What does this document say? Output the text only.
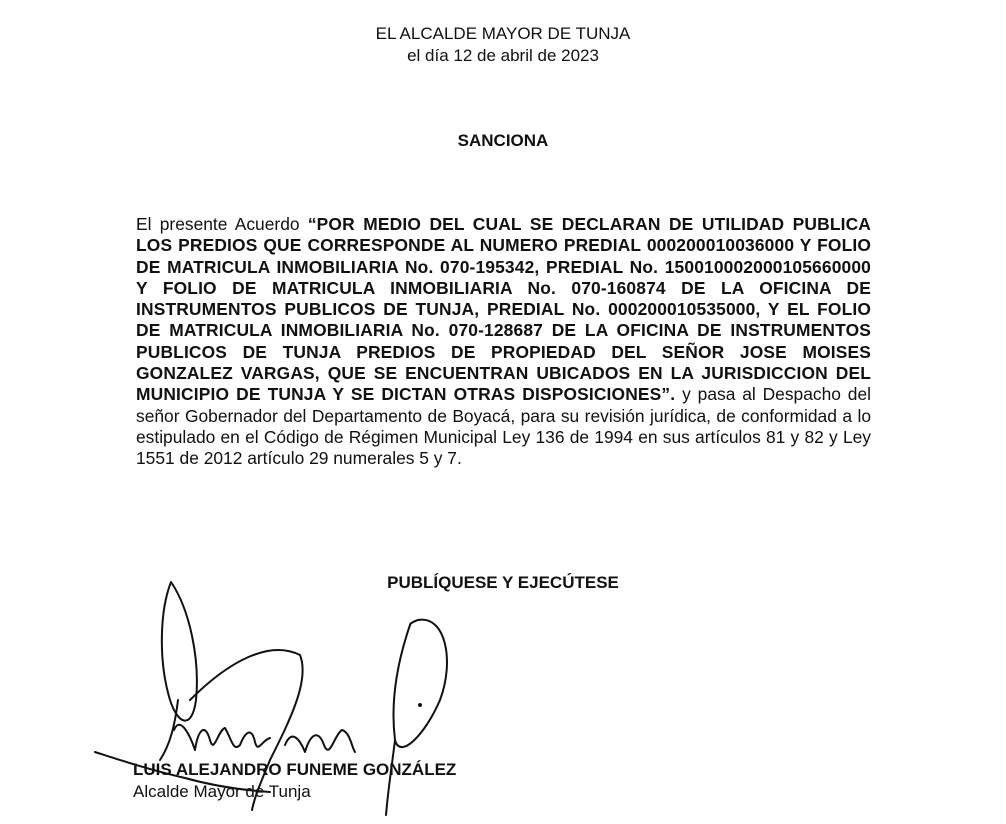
EL ALCALDE MAYOR DE TUNJA
el día 12 de abril de 2023
SANCIONA
El presente Acuerdo “POR MEDIO DEL CUAL SE DECLARAN DE UTILIDAD PUBLICA LOS PREDIOS QUE CORRESPONDE AL NUMERO PREDIAL 000200010036000 Y FOLIO DE MATRICULA INMOBILIARIA No. 070-195342, PREDIAL No. 150010002000105660000 Y FOLIO DE MATRICULA INMOBILIARIA No. 070-160874 DE LA OFICINA DE INSTRUMENTOS PUBLICOS DE TUNJA, PREDIAL No. 000200010535000, Y EL FOLIO DE MATRICULA INMOBILIARIA No. 070-128687 DE LA OFICINA DE INSTRUMENTOS PUBLICOS DE TUNJA PREDIOS DE PROPIEDAD DEL SEÑOR JOSE MOISES GONZALEZ VARGAS, QUE SE ENCUENTRAN UBICADOS EN LA JURISDICCION DEL MUNICIPIO DE TUNJA Y SE DICTAN OTRAS DISPOSICIONES”. y pasa al Despacho del señor Gobernador del Departamento de Boyacá, para su revisión jurídica, de conformidad a lo estipulado en el Código de Régimen Municipal Ley 136 de 1994 en sus artículos 81 y 82 y Ley 1551 de 2012 artículo 29 numerales 5 y 7.
PUBLÍQUESE Y EJECÚTESE
LUIS ALEJANDRO FUNEME GONZÁLEZ
Alcalde Mayor de Tunja
